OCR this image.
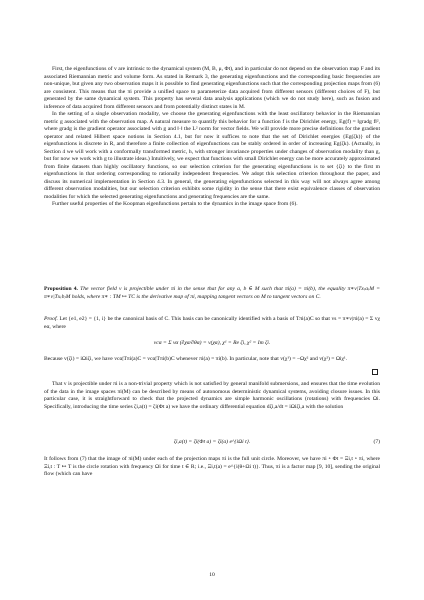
First, the eigenfunctions of v are intrinsic to the dynamical system (M, B, μ, Φt), and in particular do not depend on the observation map F and its associated Riemannian metric and volume form. As stated in Remark 3, the generating eigenfunctions and the corresponding basic frequencies are non-unique, but given any two observation maps it is possible to find generating eigenfunctions such that the corresponding projection maps from (6) are consistent. This means that the πi provide a unified space to parameterize data acquired from different sensors (different choices of F), but generated by the same dynamical system. This property has several data analysis applications (which we do not study here), such as fusion and inference of data acquired from different sensors and from potentially distinct states in M.

In the setting of a single observation modality, we choose the generating eigenfunctions with the least oscillatory behavior in the Riemannian metric g associated with the observation map. A natural measure to quantify this behavior for a function f is the Dirichlet energy, Eg(f) = ‖gradg f‖², where gradg is the gradient operator associated with g and ‖·‖ the L² norm for vector fields. We will provide more precise definitions for the gradient operator and related Hilbert space notions in Section 4.1, but for now it suffices to note that the set of Dirichlet energies {Eg(ζk)} of the eigenfunctions is discrete in R, and therefore a finite collection of eigenfunctions can be stably ordered in order of increasing Eg(ζk). (Actually, in Section 4 we will work with a conformally transformed metric, h, with stronger invariance properties under changes of observation modality than g, but for now we work with g to illustrate ideas.) Intuitively, we expect that functions with small Dirichlet energy can be more accurately approximated from finite datasets than highly oscillatory functions, so our selection criterion for the generating eigenfunctions is to set {ζi} to the first m eigenfunctions in that ordering corresponding to rationally independent frequencies. We adopt this selection criterion throughout the paper, and discuss its numerical implementation in Section 4.3. In general, the generating eigenfunctions selected in this way will not always agree among different observation modalities, but our selection criterion exhibits some rigidity in the sense that there exist equivalence classes of observation modalities for which the selected generating eigenfunctions and generating frequencies are the same.

Further useful properties of the Koopman eigenfunctions pertain to the dynamics in the image space from (6).

Proposition 4. The vector field v is projectible under πi in the sense that for any a, b ∈ M such that πi(a) = πi(b), the equality π∗v|Tx₍a₎M = π∗v|Tx₍b₎M holds, where π∗ : TM ↦ TC is the derivative map of πi, mapping tangent vectors on M to tangent vectors on C.

Proof. Let {e1, e2} = {1, i} be the canonical basis of C. This basis can be canonically identified with a basis of Tπi(a)C so that vs = π∗v|πi(a) = Σ vχ eα, where

vcα = Σ vα (∂χα/∂θα) = v(χα), χ¹ = Re ζi, χ² = Im ζi.

Because v(ζi) = iΩiζi, we have vcα|Tπi(a)C = vcα|Tπi(b)C whenever πi(a) = πi(b). In particular, note that v(χ¹) = −Ωχ² and v(χ²) = Ωiχ¹.

That v is projectible under πi is a non-trivial property which is not satisfied by general manifold submersions, and ensures that the time evolution of the data in the image spaces πi(M) can be described by means of autonomous deterministic dynamical systems, avoiding closure issues. In this particular case, it is straightforward to check that the projected dynamics are simple harmonic oscillations (rotations) with frequencies Ωi. Specifically, introducing the time series ζi,a(t) = ζi(Φt a) we have the ordinary differential equation dζi,a/dt = iΩiζi,a with the solution

ζi,a(t) = ζi(Φt a) = ζi(a) e^{iΩi t}.	(7)

It follows from (7) that the image of πi(M) under each of the projection maps πi is the full unit circle. Moreover, we have πi ∘ Φt = Ξi,t ∘ πi, where Ξi,t : T ↦ T is the circle rotation with frequency Ωi for time t ∈ R; i.e., Ξi,t(a) = e^{i(θ+Ωi t)}. Thus, πi is a factor map [9, 10], sending the original flow (which can have

10
